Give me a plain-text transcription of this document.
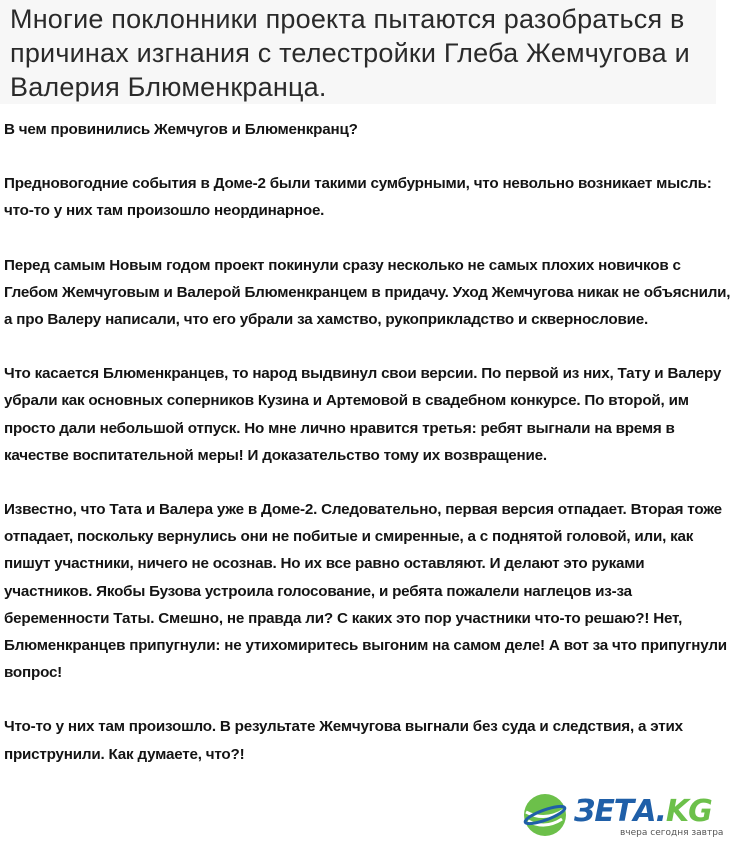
Многие поклонники проекта пытаются разобраться в причинах изгнания с телестройки Глеба Жемчугова и Валерия Блюменкранца.

В чем провинились Жемчугов и Блюменкранц?

Предновогодние события в Доме-2 были такими сумбурными, что невольно возникает мысль: что-то у них там произошло неординарное.

Перед самым Новым годом проект покинули сразу несколько не самых плохих новичков с Глебом Жемчуговым и Валерой Блюменкранцем в придачу. Уход Жемчугова никак не объяснили, а про Валеру написали, что его убрали за хамство, рукоприкладство и сквернословие.

Что касается Блюменкранцев, то народ выдвинул свои версии. По первой из них, Тату и Валеру убрали как основных соперников Кузина и Артемовой в свадебном конкурсе. По второй, им просто дали небольшой отпуск. Но мне лично нравится третья: ребят выгнали на время в качестве воспитательной меры! И доказательство тому их возвращение.

Известно, что Тата и Валера уже в Доме-2. Следовательно, первая версия отпадает. Вторая тоже отпадает, поскольку вернулись они не побитые и смиренные, а с поднятой головой, или, как пишут участники, ничего не осознав. Но их все равно оставляют. И делают это руками участников. Якобы Бузова устроила голосование, и ребята пожалели наглецов из-за беременности Таты. Смешно, не правда ли? С каких это пор участники что-то решаю?! Нет, Блюменкранцев припугнули: не утихомиритесь выгоним на самом деле! А вот за что припугнули вопрос!

Что-то у них там произошло. В результате Жемчугова выгнали без суда и следствия, а этих приструнили. Как думаете, что?!

ЗЕТА.KG
вчера сегодня завтра
